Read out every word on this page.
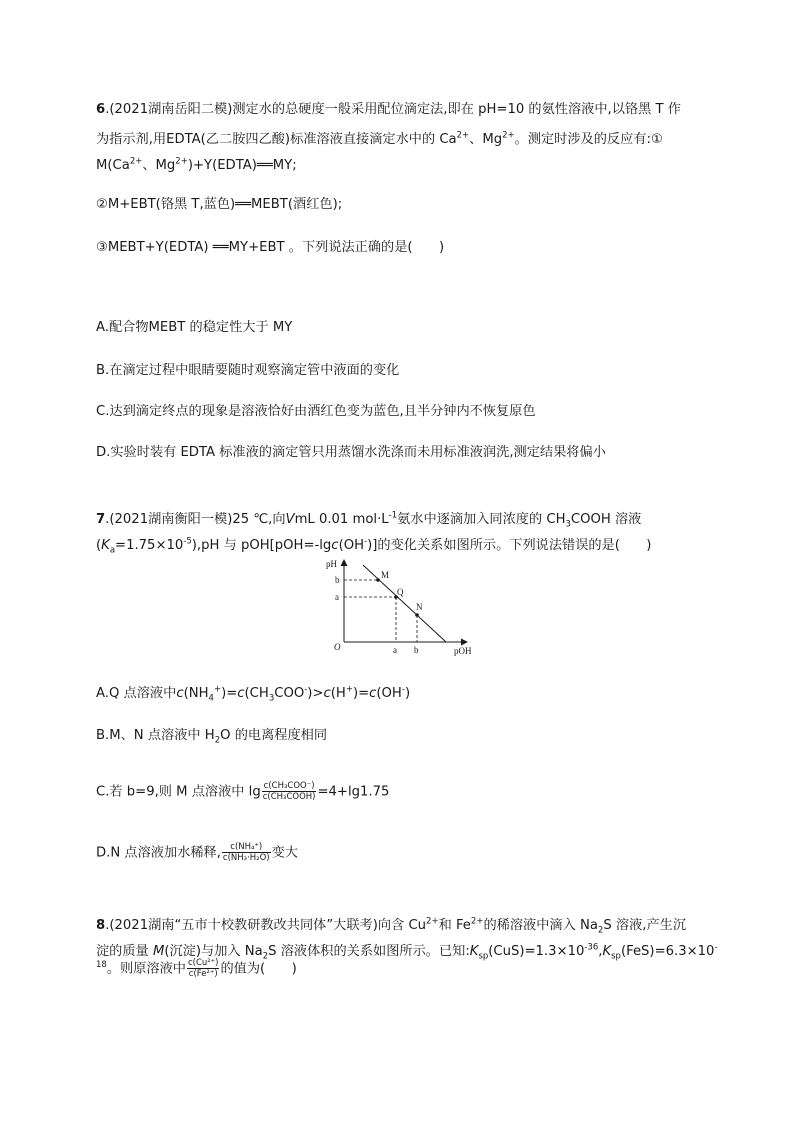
6.(2021湖南岳阳二模)测定水的总硬度一般采用配位滴定法,即在 pH=10 的氨性溶液中,以铬黑 T 作
为指示剂,用EDTA(乙二胺四乙酸)标准溶液直接滴定水中的 $Ca^{2+}$、$Mg^{2+}$。测定时涉及的反应有:①
$M(Ca^{2+}$、$Mg^{2+})+Y(EDTA)══MY$;
②M+EBT(铬黑 T,蓝色)══MEBT(酒红色);
③MEBT+Y(EDTA) ══MY+EBT 。下列说法正确的是(　　)
A.配合物MEBT 的稳定性大于 MY
B.在滴定过程中眼睛要随时观察滴定管中液面的变化
C.达到滴定终点的现象是溶液恰好由酒红色变为蓝色,且半分钟内不恢复原色
D.实验时装有 EDTA 标准液的滴定管只用蒸馏水洗涤而未用标准液润洗,测定结果将偏小
7.(2021湖南衡阳一模)25 ℃,向VmL 0.01 $mol\cdot L^{-1}$氨水中逐滴加入同浓度的 $CH_3COOH$ 溶液
$(K_a=1.75\times 10^{-5}),pH$ 与 pOH[pOH=-lgc(OH-)]的变化关系如图所示。下列说法错误的是(　　)
pH
pOH
O
b
a
a b
M
Q
N
A.Q 点溶液中$c(NH_4^+)=c(CH_3COO^-)>c(H^+)=c(OH^-)$
B.M、N 点溶液中 $H_2O$ 的电离程度相同
C.若 b=9,则 M 点溶液中 $\lg \frac{\text{c(CH₃COO⁻)}}{\text{c(CH₃COOH)}} =4+\lg 1.75$
D.N 点溶液加水稀释, $\frac{\text{c(NH₄⁺)}}{\text{c(NH₃·H₂O)}}$ 变大
8.(2021湖南“五市十校教研教改共同体”大联考)向含 $Cu^{2+}$和 $Fe^{2+}$的稀溶液中滴入 $Na_2S$ 溶液,产生沉
淀的质量 M(沉淀)与加入 $Na_2S$ 溶液体积的关系如图所示。已知$:K_{sp}(CuS)=1.3\times 10^{-36},K_{sp}(FeS)=6.3\times 10^-$
$^{18}$。则原溶液中 $\frac{\text{c(Cu²⁺)}}{\text{c(Fe²⁺)}}$ 的值为(　　)
